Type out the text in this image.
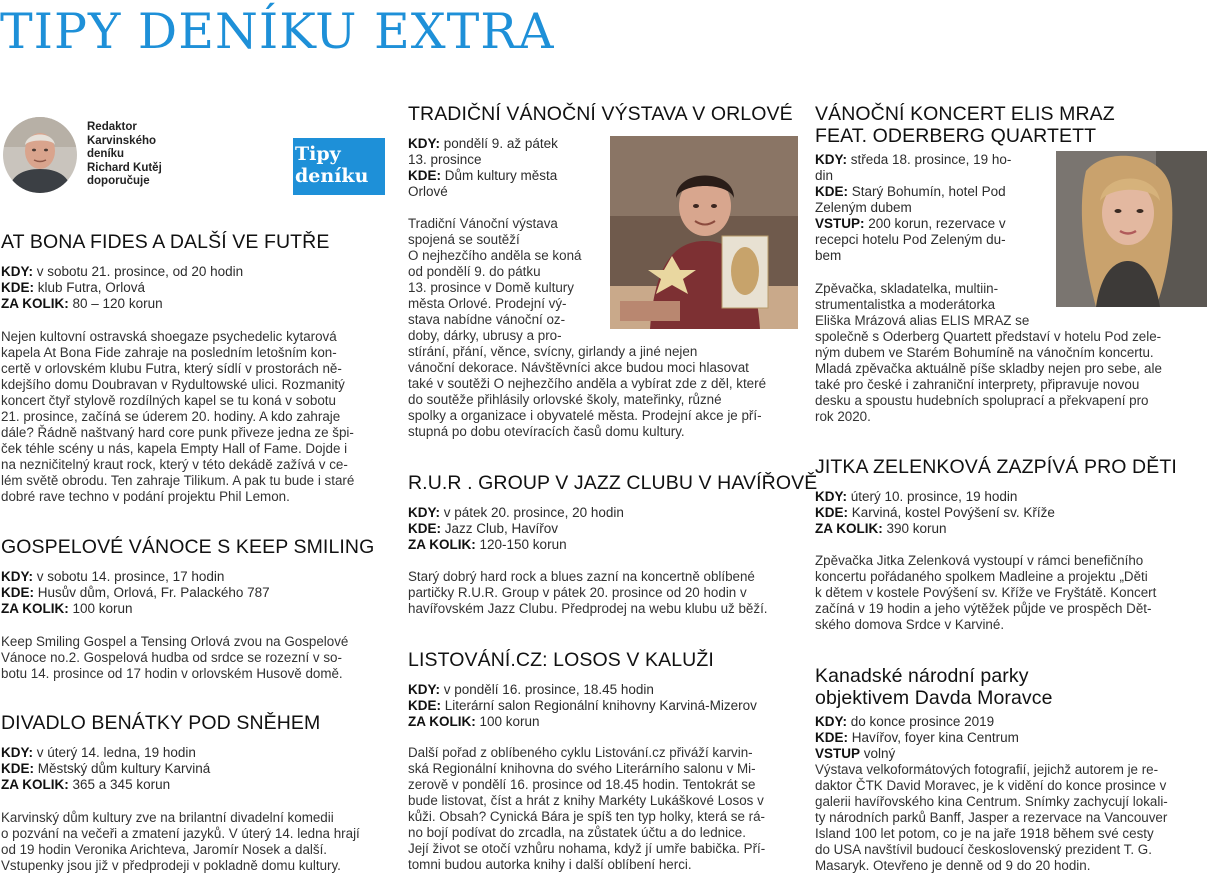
TIPY DENÍKU EXTRA
Redaktor
Karvinského
deníku
Richard Kutěj
doporučuje
Tipy
deníku
AT BONA FIDES A DALŠÍ VE FUTŘE
KDY: v sobotu 21. prosince, od 20 hodin
KDE: klub Futra, Orlová
ZA KOLIK: 80 – 120 korun
Nejen kultovní ostravská shoegaze psychedelic kytarová
kapela At Bona Fide zahraje na posledním letošním kon-
certě v orlovském klubu Futra, který sídlí v prostorách ně-
kdejšího domu Doubravan v Rydultowské ulici. Rozmanitý
koncert čtyř stylově rozdílných kapel se tu koná v sobotu
21. prosince, začíná se úderem 20. hodiny. A kdo zahraje
dále? Řádně naštvaný hard core punk přiveze jedna ze špi-
ček téhle scény u nás, kapela Empty Hall of Fame. Dojde i
na nezničitelný kraut rock, který v této dekádě zažívá v ce-
lém světě obrodu. Ten zahraje Tilikum. A pak tu bude i staré
dobré rave techno v podání projektu Phil Lemon.
GOSPELOVÉ VÁNOCE S KEEP SMILING
KDY: v sobotu 14. prosince, 17 hodin
KDE: Husův dům, Orlová, Fr. Palackého 787
ZA KOLIK: 100 korun
Keep Smiling Gospel a Tensing Orlová zvou na Gospelové
Vánoce no.2. Gospelová hudba od srdce se rozezní v so-
botu 14. prosince od 17 hodin v orlovském Husově domě.
DIVADLO BENÁTKY POD SNĚHEM
KDY: v úterý 14. ledna, 19 hodin
KDE: Městský dům kultury Karviná
ZA KOLIK: 365 a 345 korun
Karvinský dům kultury zve na brilantní divadelní komedii
o pozvání na večeři a zmatení jazyků. V úterý 14. ledna hrají
od 19 hodin Veronika Arichteva, Jaromír Nosek a další.
Vstupenky jsou již v předprodeji v pokladně domu kultury.
TRADIČNÍ VÁNOČNÍ VÝSTAVA V ORLOVÉ
KDY: pondělí 9. až pátek
13. prosince
KDE: Dům kultury města
Orlové
Tradiční Vánoční výstava
spojená se soutěží
O nejhezčího anděla se koná
od pondělí 9. do pátku
13. prosince v Domě kultury
města Orlové. Prodejní vý-
stava nabídne vánoční oz-
doby, dárky, ubrusy a pro-
stírání, přání, věnce, svícny, girlandy a jiné nejen
vánoční dekorace. Návštěvníci akce budou moci hlasovat
také v soutěži O nejhezčího anděla a vybírat zde z děl, které
do soutěže přihlásily orlovské školy, mateřinky, různé
spolky a organizace i obyvatelé města. Prodejní akce je pří-
stupná po dobu otevíracích časů domu kultury.
R.U.R . GROUP V JAZZ CLUBU V HAVÍŘOVĚ
KDY: v pátek 20. prosince, 20 hodin
KDE: Jazz Club, Havířov
ZA KOLIK: 120-150 korun
Starý dobrý hard rock a blues zazní na koncertně oblíbené
partičky R.U.R. Group v pátek 20. prosince od 20 hodin v
havířovském Jazz Clubu. Předprodej na webu klubu už běží.
LISTOVÁNÍ.CZ: LOSOS V KALUŽI
KDY: v pondělí 16. prosince, 18.45 hodin
KDE: Literární salon Regionální knihovny Karviná-Mizerov
ZA KOLIK: 100 korun
Další pořad z oblíbeného cyklu Listování.cz přiváží karvin-
ská Regionální knihovna do svého Literárního salonu v Mi-
zerově v pondělí 16. prosince od 18.45 hodin. Tentokrát se
bude listovat, číst a hrát z knihy Markéty Lukáškové Losos v
kůži. Obsah? Cynická Bára je spíš ten typ holky, která se rá-
no bojí podívat do zrcadla, na zůstatek účtu a do lednice.
Její život se otočí vzhůru nohama, když jí umře babička. Pří-
tomni budou autorka knihy i další oblíbení herci.
VÁNOČNÍ KONCERT ELIS MRAZ
FEAT. ODERBERG QUARTETT
KDY: středa 18. prosince, 19 ho-
din
KDE: Starý Bohumín, hotel Pod
Zeleným dubem
VSTUP: 200 korun, rezervace v
recepci hotelu Pod Zeleným du-
bem
Zpěvačka, skladatelka, multiin-
strumentalistka a moderátorka
Eliška Mrázová alias ELIS MRAZ se
společně s Oderberg Quartett představí v hotelu Pod zele-
ným dubem ve Starém Bohumíně na vánočním koncertu.
Mladá zpěvačka aktuálně píše skladby nejen pro sebe, ale
také pro české i zahraniční interprety, připravuje novou
desku a spoustu hudebních spoluprací a překvapení pro
rok 2020.
JITKA ZELENKOVÁ ZAZPÍVÁ PRO DĚTI
KDY: úterý 10. prosince, 19 hodin
KDE: Karviná, kostel Povýšení sv. Kříže
ZA KOLIK: 390 korun
Zpěvačka Jitka Zelenková vystoupí v rámci benefičního
koncertu pořádaného spolkem Madleine a projektu „Děti
k dětem v kostele Povýšení sv. Kříže ve Fryštátě. Koncert
začíná v 19 hodin a jeho výtěžek půjde ve prospěch Dět-
ského domova Srdce v Karviné.
Kanadské národní parky
objektivem Davda Moravce
KDY: do konce prosince 2019
KDE: Havířov, foyer kina Centrum
VSTUP volný
Výstava velkoformátových fotografií, jejichž autorem je re-
daktor ČTK David Moravec, je k vidění do konce prosince v
galerii havířovského kina Centrum. Snímky zachycují lokali-
ty národních parků Banff, Jasper a rezervace na Vancouver
Island 100 let potom, co je na jaře 1918 během své cesty
do USA navštívil budoucí československý prezident T. G.
Masaryk. Otevřeno je denně od 9 do 20 hodin.
